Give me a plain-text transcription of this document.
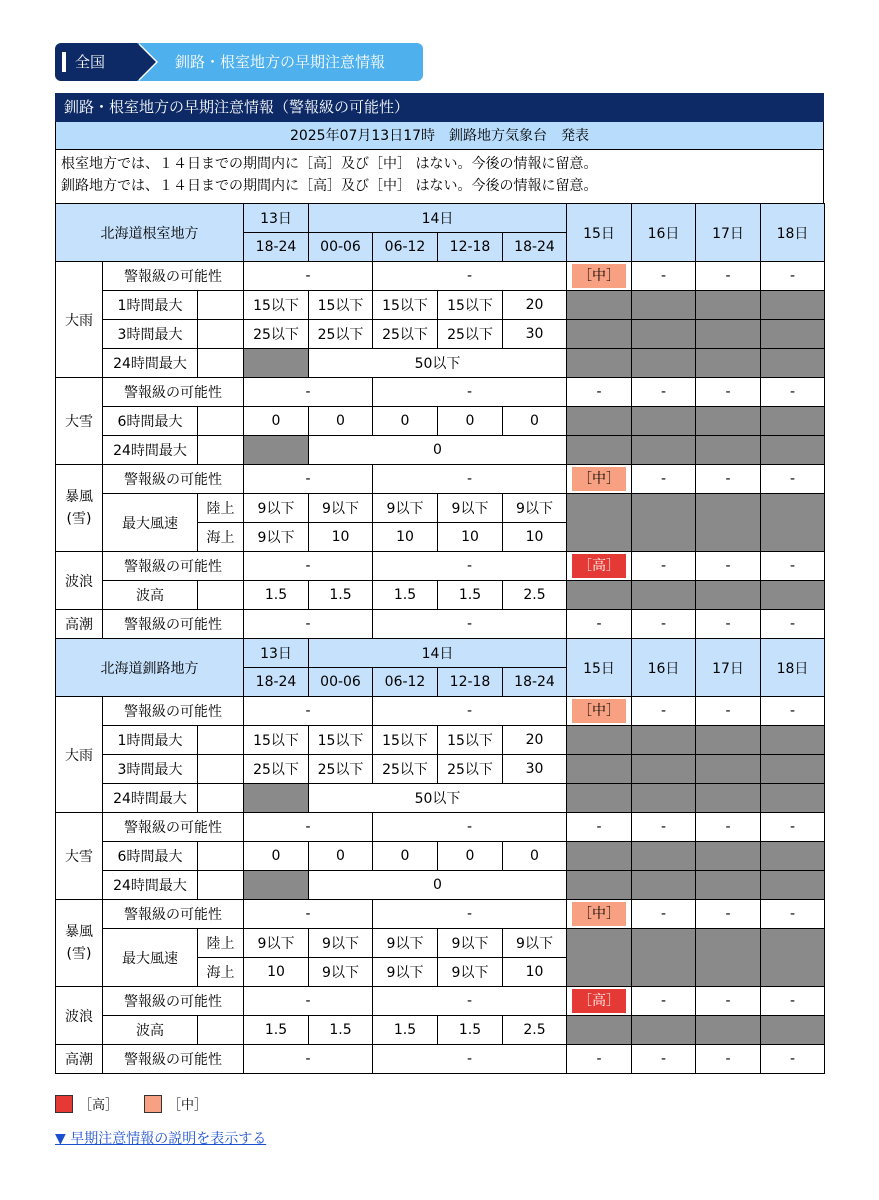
全国	釧路・根室地方の早期注意情報
釧路・根室地方の早期注意情報（警報級の可能性）
2025年07月13日17時　釧路地方気象台　発表
根室地方では、１４日までの期間内に［高］及び［中］ はない。今後の情報に留意。
釧路地方では、１４日までの期間内に［高］及び［中］ はない。今後の情報に留意。
北海道根室地方			13日	14日				15日	16日	17日	18日
			18-24	00-06	06-12	12-18	18-24				
大雨	警報級の可能性		-		-			［中］	-	-	-
	1時間最大		15以下	15以下	15以下	15以下	20				
	3時間最大		25以下	25以下	25以下	25以下	30				
	24時間最大			50以下							
大雪	警報級の可能性		-		-			-	-	-	-
	6時間最大		0	0	0	0	0				
	24時間最大			0							
暴風
(雪)	警報級の可能性		-		-			［中］	-	-	-
	最大風速	陸上	9以下	9以下	9以下	9以下	9以下				
		海上	9以下	10	10	10	10				
波浪	警報級の可能性		-		-			［高］	-	-	-
	波高		1.5	1.5	1.5	1.5	2.5				
高潮	警報級の可能性		-		-			-	-	-	-
北海道釧路地方			13日	14日				15日	16日	17日	18日
			18-24	00-06	06-12	12-18	18-24				
大雨	警報級の可能性		-		-			［中］	-	-	-
	1時間最大		15以下	15以下	15以下	15以下	20				
	3時間最大		25以下	25以下	25以下	25以下	30				
	24時間最大			50以下							
大雪	警報級の可能性		-		-			-	-	-	-
	6時間最大		0	0	0	0	0				
	24時間最大			0							
暴風
(雪)	警報級の可能性		-		-			［中］	-	-	-
	最大風速	陸上	9以下	9以下	9以下	9以下	9以下				
		海上	10	9以下	9以下	9以下	10				
波浪	警報級の可能性		-		-			［高］	-	-	-
	波高		1.5	1.5	1.5	1.5	2.5				
高潮	警報級の可能性		-		-			-	-	-	-
［高］	［中］
▼ 早期注意情報の説明を表示する
